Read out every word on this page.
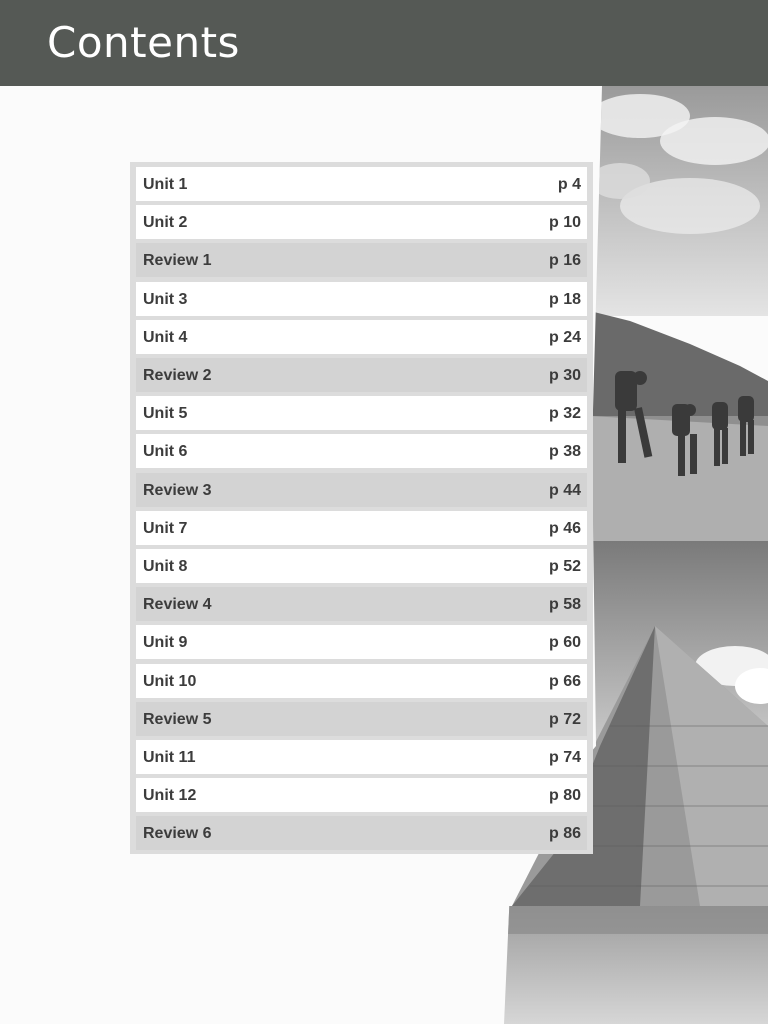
Contents
Unit 1	p 4
Unit 2	p 10
Review 1	p 16
Unit 3	p 18
Unit 4	p 24
Review 2	p 30
Unit 5	p 32
Unit 6	p 38
Review 3	p 44
Unit 7	p 46
Unit 8	p 52
Review 4	p 58
Unit 9	p 60
Unit 10	p 66
Review 5	p 72
Unit 11	p 74
Unit 12	p 80
Review 6	p 86
